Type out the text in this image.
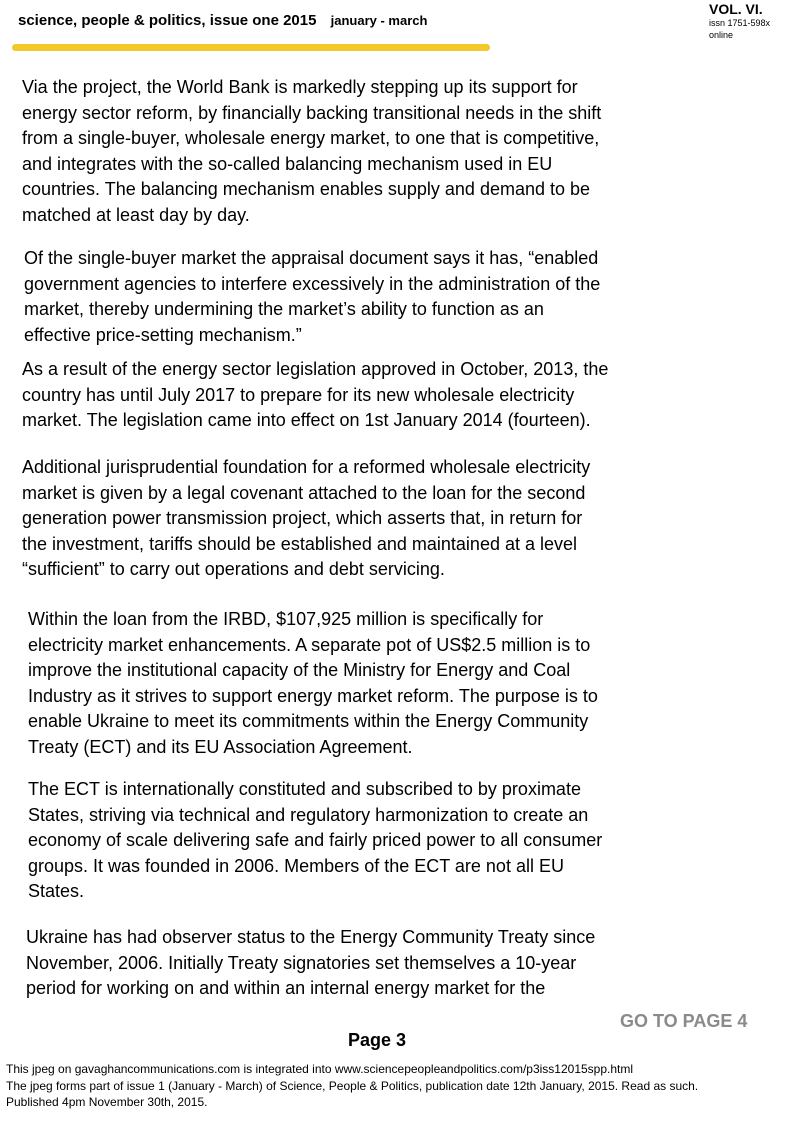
science, people & politics, issue one 2015 january - march
VOL. VI.
issn 1751-598x
online

Via the project, the World Bank is markedly stepping up its support for
energy sector reform, by financially backing transitional needs in the shift
from a single-buyer, wholesale energy market, to one that is competitive,
and integrates with the so-called balancing mechanism used in EU
countries. The balancing mechanism enables supply and demand to be
matched at least day by day.

Of the single-buyer market the appraisal document says it has, “enabled
government agencies to interfere excessively in the administration of the
market, thereby undermining the market’s ability to function as an
effective price-setting mechanism.”

As a result of the energy sector legislation approved in October, 2013, the
country has until July 2017 to prepare for its new wholesale electricity
market. The legislation came into effect on 1st January 2014 (fourteen).

Additional jurisprudential foundation for a reformed wholesale electricity
market is given by a legal covenant attached to the loan for the second
generation power transmission project, which asserts that, in return for
the investment, tariffs should be established and maintained at a level
“sufficient” to carry out operations and debt servicing.

Within the loan from the IRBD, $107,925 million is specifically for
electricity market enhancements. A separate pot of US$2.5 million is to
improve the institutional capacity of the Ministry for Energy and Coal
Industry as it strives to support energy market reform. The purpose is to
enable Ukraine to meet its commitments within the Energy Community
Treaty (ECT) and its EU Association Agreement.

The ECT is internationally constituted and subscribed to by proximate
States, striving via technical and regulatory harmonization to create an
economy of scale delivering safe and fairly priced power to all consumer
groups. It was founded in 2006. Members of the ECT are not all EU
States.

Ukraine has had observer status to the Energy Community Treaty since
November, 2006. Initially Treaty signatories set themselves a 10-year
period for working on and within an internal energy market for the

GO TO PAGE 4
Page 3
This jpeg on gavaghancommunications.com is integrated into www.sciencepeopleandpolitics.com/p3iss12015spp.html
The jpeg forms part of issue 1 (January - March) of Science, People & Politics, publication date 12th January, 2015. Read as such.
Published 4pm November 30th, 2015.
